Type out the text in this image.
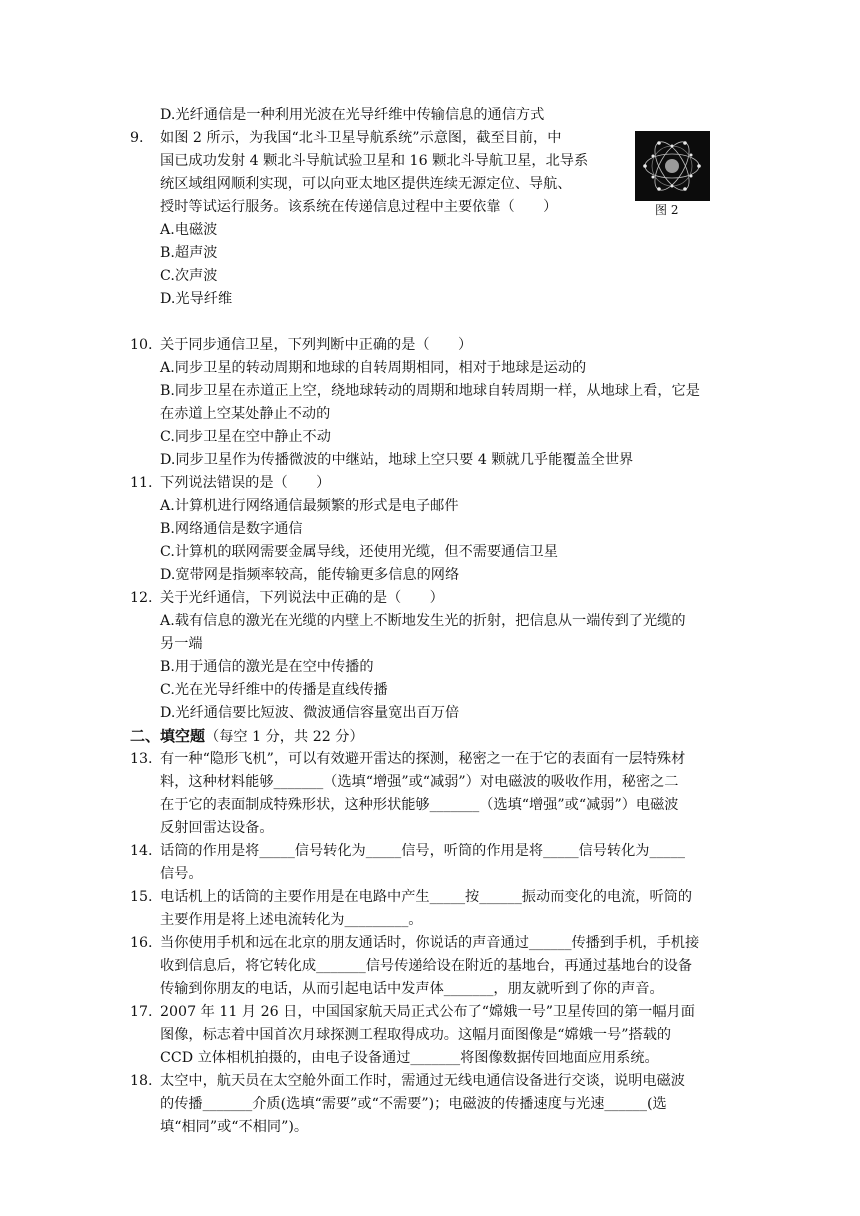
D.光纤通信是一种利用光波在光导纤维中传输信息的通信方式
9. 如图 2 所示，为我国“北斗卫星导航系统”示意图，截至目前，中
国已成功发射 4 颗北斗导航试验卫星和 16 颗北斗导航卫星，北导系
统区域组网顺利实现，可以向亚太地区提供连续无源定位、导航、
授时等试运行服务。该系统在传递信息过程中主要依靠（　　）
A.电磁波
B.超声波
C.次声波
D.光导纤维
图 2
10. 关于同步通信卫星，下列判断中正确的是（　　）
A.同步卫星的转动周期和地球的自转周期相同，相对于地球是运动的
B.同步卫星在赤道正上空，绕地球转动的周期和地球自转周期一样，从地球上看，它是
在赤道上空某处静止不动的
C.同步卫星在空中静止不动
D.同步卫星作为传播微波的中继站，地球上空只要 4 颗就几乎能覆盖全世界
11. 下列说法错误的是（　　）
A.计算机进行网络通信最频繁的形式是电子邮件
B.网络通信是数字通信
C.计算机的联网需要金属导线，还使用光缆，但不需要通信卫星
D.宽带网是指频率较高，能传输更多信息的网络
12. 关于光纤通信，下列说法中正确的是（　　）
A.载有信息的激光在光缆的内壁上不断地发生光的折射，把信息从一端传到了光缆的
另一端
B.用于通信的激光是在空中传播的
C.光在光导纤维中的传播是直线传播
D.光纤通信要比短波、微波通信容量宽出百万倍
二、填空题（每空 1 分，共 22 分）
13. 有一种“隐形飞机”，可以有效避开雷达的探测，秘密之一在于它的表面有一层特殊材
料，这种材料能够_______（选填“增强”或“减弱”）对电磁波的吸收作用，秘密之二
在于它的表面制成特殊形状，这种形状能够_______（选填“增强”或“减弱”）电磁波
反射回雷达设备。
14. 话筒的作用是将_____信号转化为_____信号，听筒的作用是将_____信号转化为_____
信号。
15. 电话机上的话筒的主要作用是在电路中产生_____按______振动而变化的电流，听筒的
主要作用是将上述电流转化为_________。
16. 当你使用手机和远在北京的朋友通话时，你说话的声音通过______传播到手机，手机接
收到信息后，将它转化成_______信号传递给设在附近的基地台，再通过基地台的设备
传输到你朋友的电话，从而引起电话中发声体_______，朋友就听到了你的声音。
17. 2007 年 11 月 26 日，中国国家航天局正式公布了“嫦娥一号”卫星传回的第一幅月面
图像，标志着中国首次月球探测工程取得成功。这幅月面图像是“嫦娥一号”搭载的
CCD 立体相机拍摄的，由电子设备通过_______将图像数据传回地面应用系统。
18. 太空中，航天员在太空舱外面工作时，需通过无线电通信设备进行交谈，说明电磁波
的传播_______介质(选填“需要”或“不需要”)；电磁波的传播速度与光速______(选
填“相同”或“不相同”)。
